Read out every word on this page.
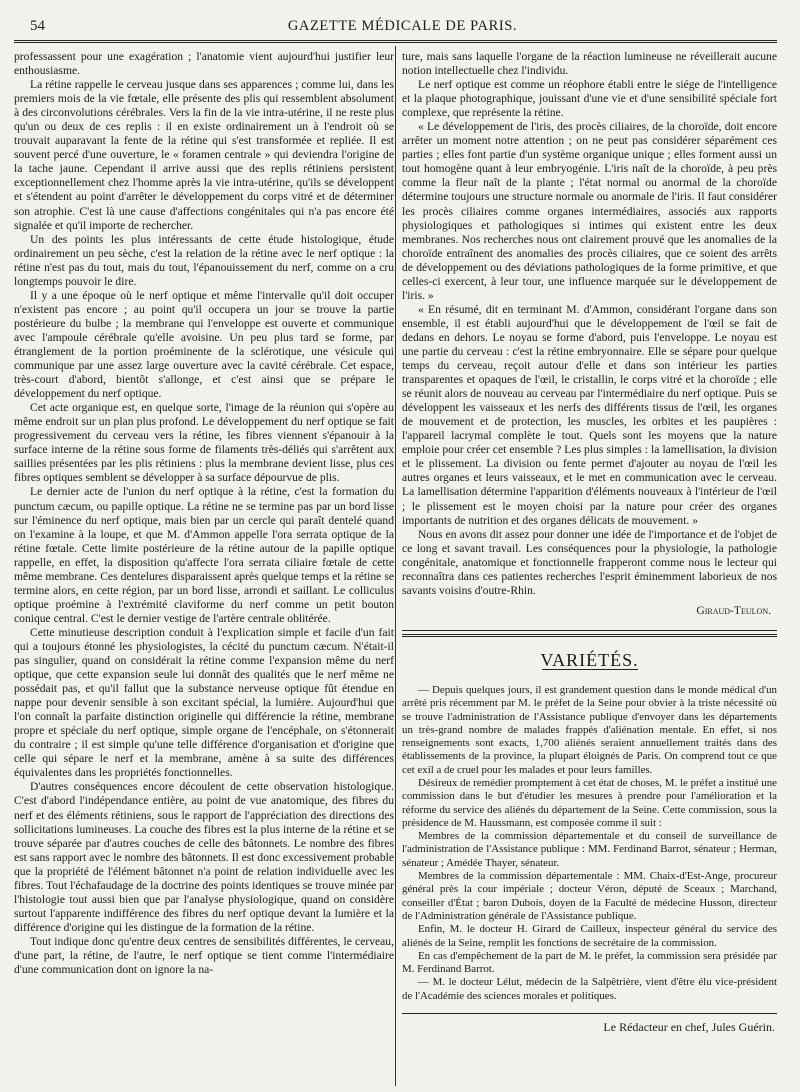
54	GAZETTE MÉDICALE DE PARIS.

professassent pour une exagération ; l'anatomie vient aujourd'hui justifier leur enthousiasme.

La rétine rappelle le cerveau jusque dans ses apparences ; comme lui, dans les premiers mois de la vie fœtale, elle présente des plis qui ressemblent absolument à des circonvolutions cérébrales. Vers la fin de la vie intra-utérine, il ne reste plus qu'un ou deux de ces replis : il en existe ordinairement un à l'endroit où se trouvait auparavant la fente de la rétine qui s'est transformée et repliée. Il est souvent percé d'une ouverture, le « foramen centrale » qui deviendra l'origine de la tache jaune. Cependant il arrive aussi que des replis rétiniens persistent exceptionnellement chez l'homme après la vie intra-utérine, qu'ils se développent et s'étendent au point d'arrêter le développement du corps vitré et de déterminer son atrophie. C'est là une cause d'affections congénitales qui n'a pas encore été signalée et qu'il importe de rechercher.

Un des points les plus intéressants de cette étude histologique, étude ordinairement un peu sèche, c'est la relation de la rétine avec le nerf optique : la rétine n'est pas du tout, mais du tout, l'épanouissement du nerf, comme on a cru longtemps pouvoir le dire.

Il y a une époque où le nerf optique et même l'intervalle qu'il doit occuper n'existent pas encore ; au point qu'il occupera un jour se trouve la partie postérieure du bulbe ; la membrane qui l'enveloppe est ouverte et communique avec l'ampoule cérébrale qu'elle avoisine. Un peu plus tard se forme, par étranglement de la portion proéminente de la sclérotique, une vésicule qui communique par une assez large ouverture avec la cavité cérébrale. Cet espace, très-court d'abord, bientôt s'allonge, et c'est ainsi que se prépare le développement du nerf optique.

Cet acte organique est, en quelque sorte, l'image de la réunion qui s'opère au même endroit sur un plan plus profond. Le développement du nerf optique se fait progressivement du cerveau vers la rétine, les fibres viennent s'épanouir à la surface interne de la rétine sous forme de filaments très-déliés qui s'arrêtent aux saillies présentées par les plis rétiniens : plus la membrane devient lisse, plus ces fibres optiques semblent se développer à sa surface dépourvue de plis.

Le dernier acte de l'union du nerf optique à la rétine, c'est la formation du punctum cæcum, ou papille optique. La rétine ne se termine pas par un bord lisse sur l'éminence du nerf optique, mais bien par un cercle qui paraît dentelé quand on l'examine à la loupe, et que M. d'Ammon appelle l'ora serrata optique de la rétine fœtale. Cette limite postérieure de la rétine autour de la papille optique rappelle, en effet, la disposition qu'affecte l'ora serrata ciliaire fœtale de cette même membrane. Ces dentelures disparaissent après quelque temps et la rétine se termine alors, en cette région, par un bord lisse, arrondi et saillant. Le colliculus optique proémine à l'extrémité claviforme du nerf comme un petit bouton conique central. C'est le dernier vestige de l'artère centrale oblitérée.

Cette minutieuse description conduit à l'explication simple et facile d'un fait qui a toujours étonné les physiologistes, la cécité du punctum cæcum. N'était-il pas singulier, quand on considérait la rétine comme l'expansion même du nerf optique, que cette expansion seule lui donnât des qualités que le nerf même ne possédait pas, et qu'il fallut que la substance nerveuse optique fût étendue en nappe pour devenir sensible à son excitant spécial, la lumière. Aujourd'hui que l'on connaît la parfaite distinction originelle qui différencie la rétine, membrane propre et spéciale du nerf optique, simple organe de l'encéphale, on s'étonnerait du contraire ; il est simple qu'une telle différence d'organisation et d'origine que celle qui sépare le nerf et la membrane, amène à sa suite des différences équivalentes dans les propriétés fonctionnelles.

D'autres conséquences encore découlent de cette observation histologique. C'est d'abord l'indépendance entière, au point de vue anatomique, des fibres du nerf et des éléments rétiniens, sous le rapport de l'appréciation des directions des sollicitations lumineuses. La couche des fibres est la plus interne de la rétine et se trouve séparée par d'autres couches de celle des bâtonnets. Le nombre des fibres est sans rapport avec le nombre des bâtonnets. Il est donc excessivement probable que la propriété de l'élément bâtonnet n'a point de relation individuelle avec les fibres. Tout l'échafaudage de la doctrine des points identiques se trouve minée par l'histologie tout aussi bien que par l'analyse physiologique, quand on considère surtout l'apparente indifférence des fibres du nerf optique devant la lumière et la différence d'origine qui les distingue de la formation de la rétine.

Tout indique donc qu'entre deux centres de sensibilités différentes, le cerveau, d'une part, la rétine, de l'autre, le nerf optique se tient comme l'intermédiaire d'une communication dont on ignore la na-

ture, mais sans laquelle l'organe de la réaction lumineuse ne réveillerait aucune notion intellectuelle chez l'individu.

Le nerf optique est comme un réophore établi entre le siége de l'intelligence et la plaque photographique, jouissant d'une vie et d'une sensibilité spéciale fort complexe, que représente la rétine.

« Le développement de l'iris, des procès ciliaires, de la choroïde, doit encore arrêter un moment notre attention ; on ne peut pas considérer séparément ces parties ; elles font partie d'un système organique unique ; elles forment aussi un tout homogène quant à leur embryogénie. L'iris naît de la choroïde, à peu près comme la fleur naît de la plante ; l'état normal ou anormal de la choroïde détermine toujours une structure normale ou anormale de l'iris. Il faut considérer les procès ciliaires comme organes intermédiaires, associés aux rapports physiologiques et pathologiques si intimes qui existent entre les deux membranes. Nos recherches nous ont clairement prouvé que les anomalies de la choroïde entraînent des anomalies des procès ciliaires, que ce soient des arrêts de développement ou des déviations pathologiques de la forme primitive, et que celles-ci exercent, à leur tour, une influence marquée sur le développement de l'iris. »

« En résumé, dit en terminant M. d'Ammon, considérant l'organe dans son ensemble, il est établi aujourd'hui que le développement de l'œil se fait de dedans en dehors. Le noyau se forme d'abord, puis l'enveloppe. Le noyau est une partie du cerveau : c'est la rétine embryonnaire. Elle se sépare pour quelque temps du cerveau, reçoit autour d'elle et dans son intérieur les parties transparentes et opaques de l'œil, le cristallin, le corps vitré et la choroïde ; elle se réunit alors de nouveau au cerveau par l'intermédiaire du nerf optique. Puis se développent les vaisseaux et les nerfs des différents tissus de l'œil, les organes de mouvement et de protection, les muscles, les orbites et les paupières : l'appareil lacrymal complète le tout. Quels sont les moyens que la nature emploie pour créer cet ensemble ? Les plus simples : la lamellisation, la division et le plissement. La division ou fente permet d'ajouter au noyau de l'œil les autres organes et leurs vaisseaux, et le met en communication avec le cerveau. La lamellisation détermine l'apparition d'éléments nouveaux à l'intérieur de l'œil ; le plissement est le moyen choisi par la nature pour créer des organes importants de nutrition et des organes délicats de mouvement. »

Nous en avons dit assez pour donner une idée de l'importance et de l'objet de ce long et savant travail. Les conséquences pour la physiologie, la pathologie congénitale, anatomique et fonctionnelle frapperont comme nous le lecteur qui reconnaîtra dans ces patientes recherches l'esprit éminemment laborieux de nos savants voisins d'outre-Rhin.

Giraud-Teulon.
VARIÉTÉS.

— Depuis quelques jours, il est grandement question dans le monde médical d'un arrêté pris récemment par M. le préfet de la Seine pour obvier à la triste nécessité où se trouve l'administration de l'Assistance publique d'envoyer dans les départements un très-grand nombre de malades frappés d'aliénation mentale. En effet, si nos renseignements sont exacts, 1,700 aliénés seraient annuellement traités dans des établissements de la province, la plupart éloignés de Paris. On comprend tout ce que cet exil a de cruel pour les malades et pour leurs familles.

Désireux de remédier promptement à cet état de choses, M. le préfet a institué une commission dans le but d'étudier les mesures à prendre pour l'amélioration et la réforme du service des aliénés du département de la Seine. Cette commission, sous la présidence de M. Haussmann, est composée comme il suit :

Membres de la commission départementale et du conseil de surveillance de l'administration de l'Assistance publique : MM. Ferdinand Barrot, sénateur ; Herman, sénateur ; Amédée Thayer, sénateur.

Membres de la commission départementale : MM. Chaix-d'Est-Ange, procureur général près la cour impériale ; docteur Véron, député de Sceaux ; Marchand, conseiller d'État ; baron Dubois, doyen de la Faculté de médecine Husson, directeur de l'Administration générale de l'Assistance publique.

Enfin, M. le docteur H. Girard de Cailleux, inspecteur général du service des aliénés de la Seine, remplit les fonctions de secrétaire de la commission.

En cas d'empêchement de la part de M. le préfet, la commission sera présidée par M. Ferdinand Barrot.

— M. le docteur Lélut, médecin de la Salpêtrière, vient d'être élu vice-président de l'Académie des sciences morales et politiques.

Le Rédacteur en chef, Jules Guérin.
